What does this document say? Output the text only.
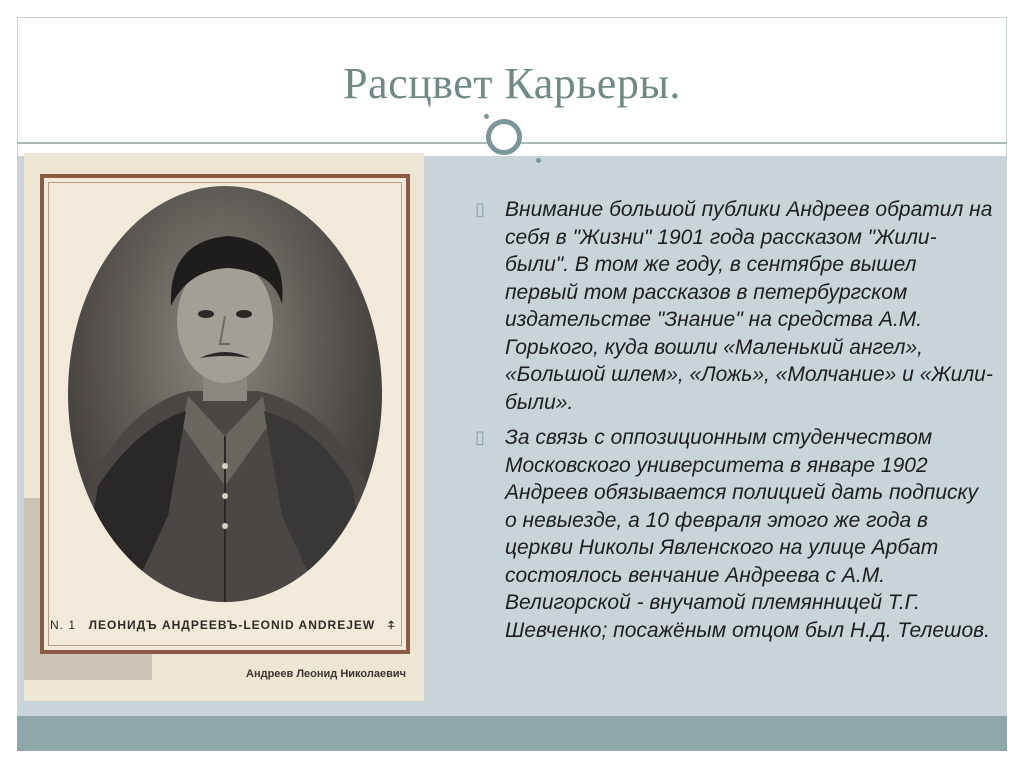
Расцвет Карьеры.
N. 1 ЛЕОНИДЪ АНДРЕЕВЪ-LEONID ANDREJEW ⍏
Андреев Леонид Николаевич
▯ Внимание большой публики Андреев обратил на себя в "Жизни" 1901 года рассказом "Жили-были". В том же году, в сентябре вышел первый том рассказов в петербургском издательстве "Знание" на средства А.М. Горького, куда вошли «Маленький ангел», «Большой шлем», «Ложь», «Молчание» и «Жили-были».
▯ За связь с оппозиционным студенчеством Московского университета в январе 1902 Андреев обязывается полицией дать подписку о невыезде, а 10 февраля этого же года в церкви Николы Явленского на улице Арбат состоялось венчание Андреева с А.М. Велигорской - внучатой племянницей Т.Г. Шевченко; посажёным отцом был Н.Д. Телешов.
